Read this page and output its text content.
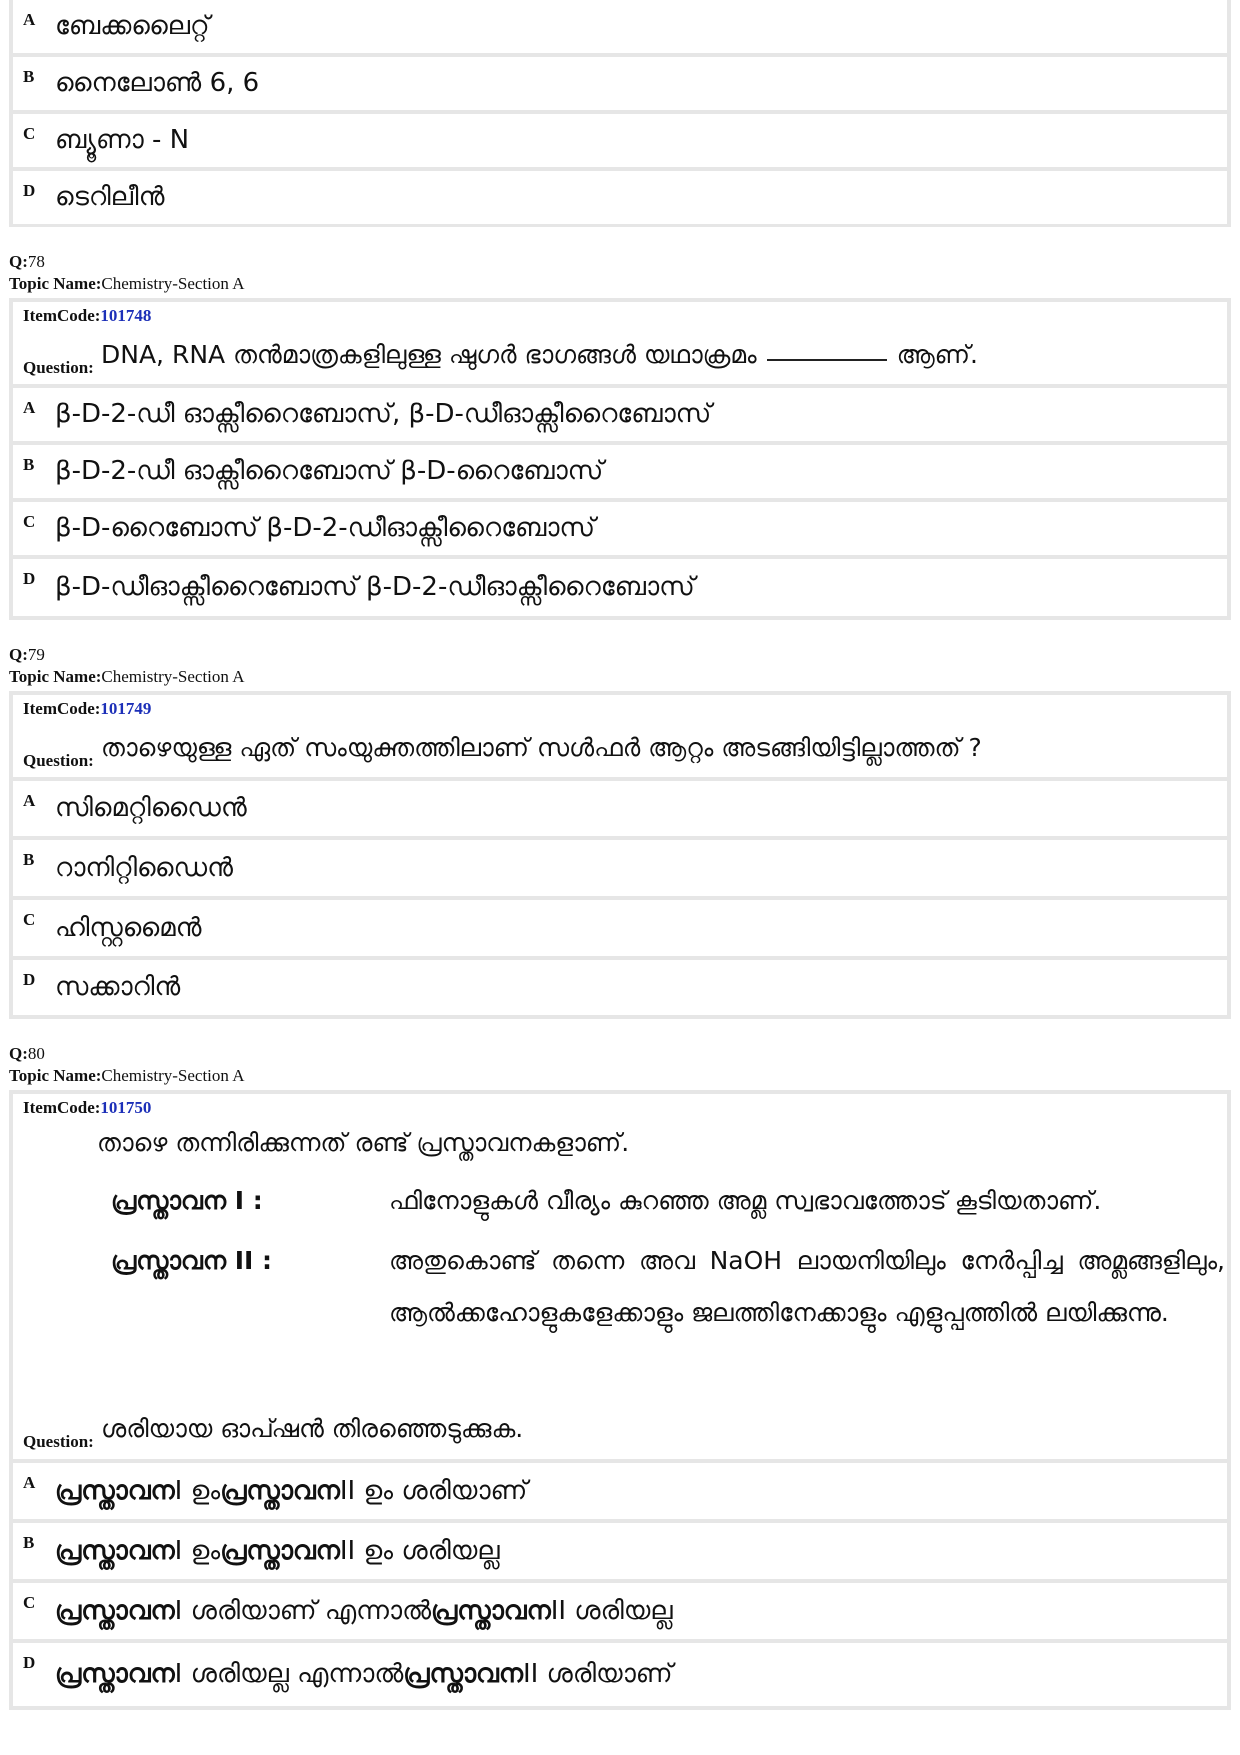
A ബേക്കലൈറ്റ്
B നൈലോൺ 6, 6
C ബ്യൂണാ - N
D ടെറിലീൻ
Q:78
Topic Name:Chemistry-Section A
ItemCode:101748
Question: DNA, RNA തൻമാത്രകളിലുള്ള ഷുഗർ ഭാഗങ്ങൾ യഥാക്രമം	ആണ്.
A β-D-2-ഡീ ഓക്സീറൈബോസ്, β-D-ഡീഓക്സീറൈബോസ്
B β-D-2-ഡീ ഓക്സീറൈബോസ് β-D-റൈബോസ്
C β-D-റൈബോസ് β-D-2-ഡീഓക്സീറൈബോസ്
D β-D-ഡീഓക്സീറൈബോസ് β-D-2-ഡീഓക്സീറൈബോസ്
Q:79
Topic Name:Chemistry-Section A
ItemCode:101749
Question: താഴെയുള്ള ഏത് സംയുക്തത്തിലാണ് സൾഫർ ആറ്റം അടങ്ങിയിട്ടില്ലാത്തത് ?
A സിമെറ്റിഡൈൻ
B റാനിറ്റിഡൈൻ
C ഹിസ്റ്റമൈൻ
D സക്കാറിൻ
Q:80
Topic Name:Chemistry-Section A
ItemCode:101750
താഴെ തന്നിരിക്കുന്നത് രണ്ട് പ്രസ്താവനകളാണ്.
പ്രസ്താവന I :	ഫിനോളുകൾ വീര്യം കുറഞ്ഞ അമ്ല സ്വഭാവത്തോട് കൂടിയതാണ്.
പ്രസ്താവന II :	അതുകൊണ്ട് തന്നെ അവ NaOH ലായനിയിലും നേർപ്പിച്ച അമ്ലങ്ങളിലും, ആൽക്കഹോളുകളേക്കാളും ജലത്തിനേക്കാളും എളുപ്പത്തിൽ ലയിക്കുന്നു.
Question: ശരിയായ ഓപ്ഷൻ തിരഞ്ഞെടുക്കുക.
A പ്രസ്താവന I ഉം പ്രസ്താവന II ഉം ശരിയാണ്
B പ്രസ്താവന I ഉം പ്രസ്താവന II ഉം ശരിയല്ല
C പ്രസ്താവന I ശരിയാണ് എന്നാൽ പ്രസ്താവന II ശരിയല്ല
D പ്രസ്താവന I ശരിയല്ല എന്നാൽ പ്രസ്താവന II ശരിയാണ്
